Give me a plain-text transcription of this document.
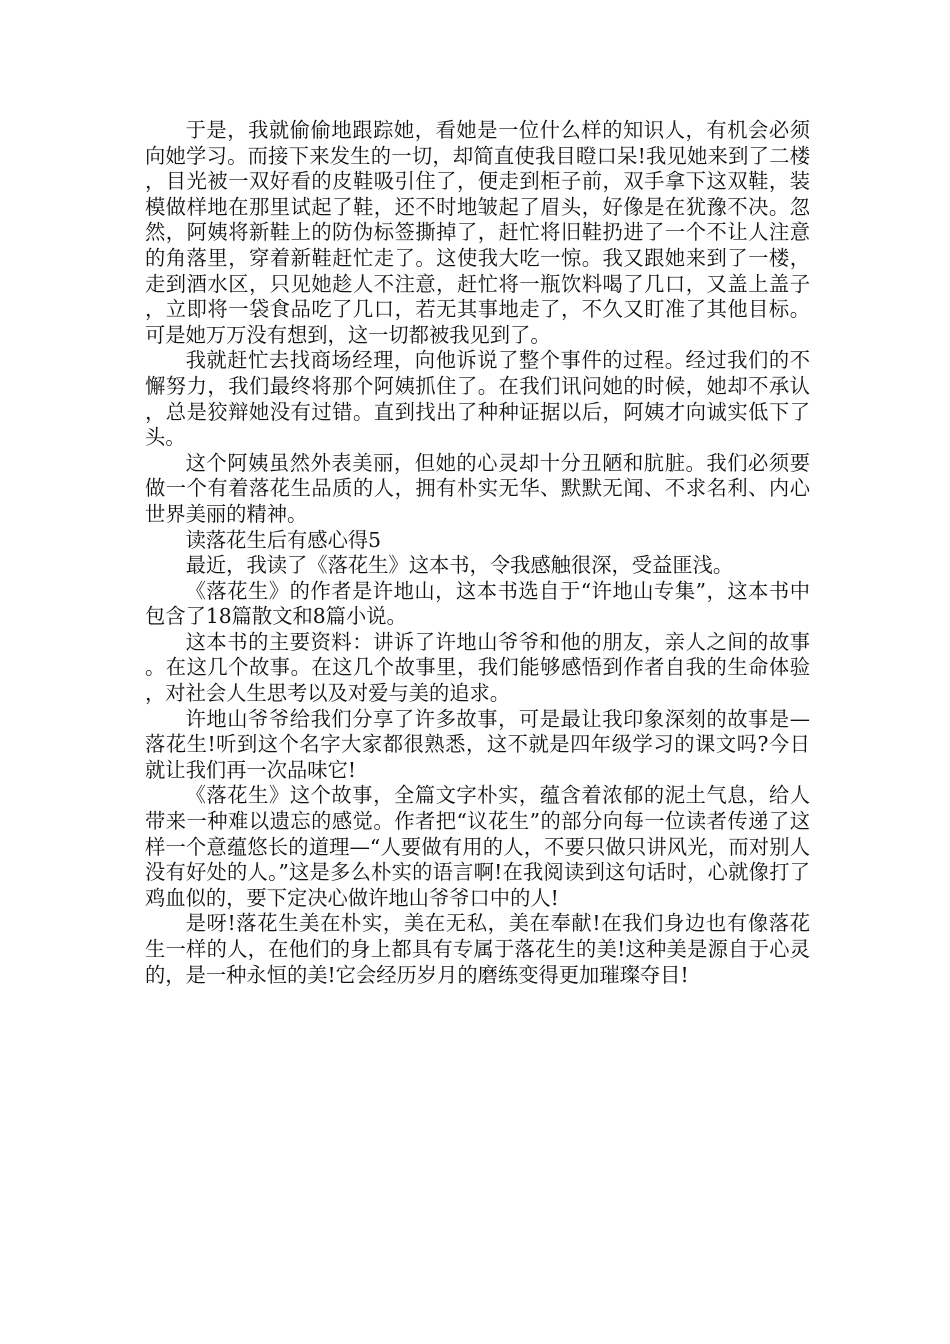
于是，我就偷偷地跟踪她，看她是一位什么样的知识人，有机会必须向她学习。而接下来发生的一切，却简直使我目瞪口呆!我见她来到了二楼，目光被一双好看的皮鞋吸引住了，便走到柜子前，双手拿下这双鞋，装模做样地在那里试起了鞋，还不时地皱起了眉头，好像是在犹豫不决。忽然，阿姨将新鞋上的防伪标签撕掉了，赶忙将旧鞋扔进了一个不让人注意的角落里，穿着新鞋赶忙走了。这使我大吃一惊。我又跟她来到了一楼，走到酒水区，只见她趁人不注意，赶忙将一瓶饮料喝了几口，又盖上盖子，立即将一袋食品吃了几口，若无其事地走了，不久又盯准了其他目标。可是她万万没有想到，这一切都被我见到了。

我就赶忙去找商场经理，向他诉说了整个事件的过程。经过我们的不懈努力，我们最终将那个阿姨抓住了。在我们讯问她的时候，她却不承认，总是狡辩她没有过错。直到找出了种种证据以后，阿姨才向诚实低下了头。

这个阿姨虽然外表美丽，但她的心灵却十分丑陋和肮脏。我们必须要做一个有着落花生品质的人，拥有朴实无华、默默无闻、不求名利、内心世界美丽的精神。

读落花生后有感心得5

最近，我读了《落花生》这本书，令我感触很深，受益匪浅。

《落花生》的作者是许地山，这本书选自于“许地山专集”，这本书中包含了18篇散文和8篇小说。

这本书的主要资料：讲诉了许地山爷爷和他的朋友，亲人之间的故事。在这几个故事。在这几个故事里，我们能够感悟到作者自我的生命体验，对社会人生思考以及对爱与美的追求。

许地山爷爷给我们分享了许多故事，可是最让我印象深刻的故事是—落花生!听到这个名字大家都很熟悉，这不就是四年级学习的课文吗?今日就让我们再一次品味它!

《落花生》这个故事，全篇文字朴实，蕴含着浓郁的泥土气息，给人带来一种难以遗忘的感觉。作者把“议花生”的部分向每一位读者传递了这样一个意蕴悠长的道理—“人要做有用的人，不要只做只讲风光，而对别人没有好处的人。”这是多么朴实的语言啊!在我阅读到这句话时，心就像打了鸡血似的，要下定决心做许地山爷爷口中的人!

是呀!落花生美在朴实，美在无私，美在奉献!在我们身边也有像落花生一样的人，在他们的身上都具有专属于落花生的美!这种美是源自于心灵的，是一种永恒的美!它会经历岁月的磨练变得更加璀璨夺目!
